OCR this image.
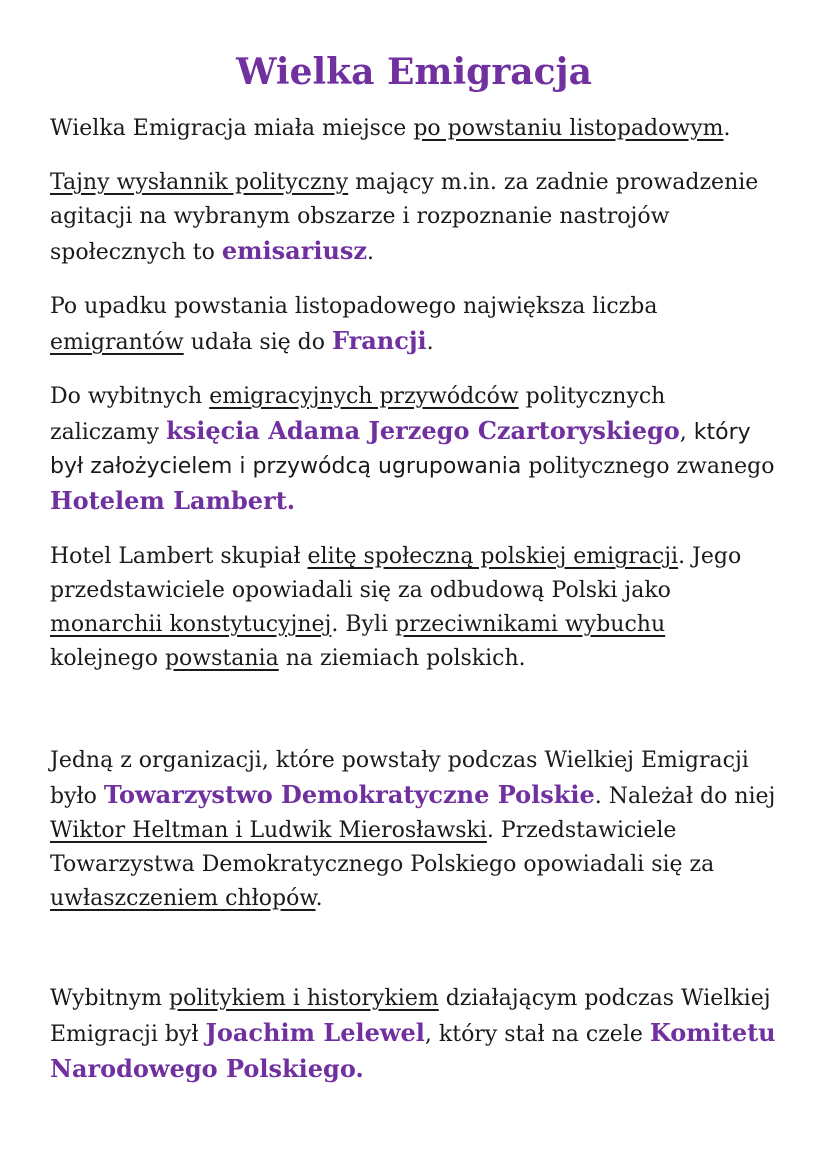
Wielka Emigracja

Wielka Emigracja miała miejsce po powstaniu listopadowym.

Tajny wysłannik polityczny mający m.in. za zadnie prowadzenie agitacji na wybranym obszarze i rozpoznanie nastrojów społecznych to emisariusz.

Po upadku powstania listopadowego największa liczba emigrantów udała się do Francji.

Do wybitnych emigracyjnych przywódców politycznych zaliczamy księcia Adama Jerzego Czartoryskiego, który był założycielem i przywódcą ugrupowania politycznego zwanego Hotelem Lambert.

Hotel Lambert skupiał elitę społeczną polskiej emigracji. Jego przedstawiciele opowiadali się za odbudową Polski jako monarchii konstytucyjnej. Byli przeciwnikami wybuchu kolejnego powstania na ziemiach polskich.

Jedną z organizacji, które powstały podczas Wielkiej Emigracji było Towarzystwo Demokratyczne Polskie. Należał do niej Wiktor Heltman i Ludwik Mierosławski. Przedstawiciele Towarzystwa Demokratycznego Polskiego opowiadali się za uwłaszczeniem chłopów.

Wybitnym politykiem i historykiem działającym podczas Wielkiej Emigracji był Joachim Lelewel, który stał na czele Komitetu Narodowego Polskiego.
